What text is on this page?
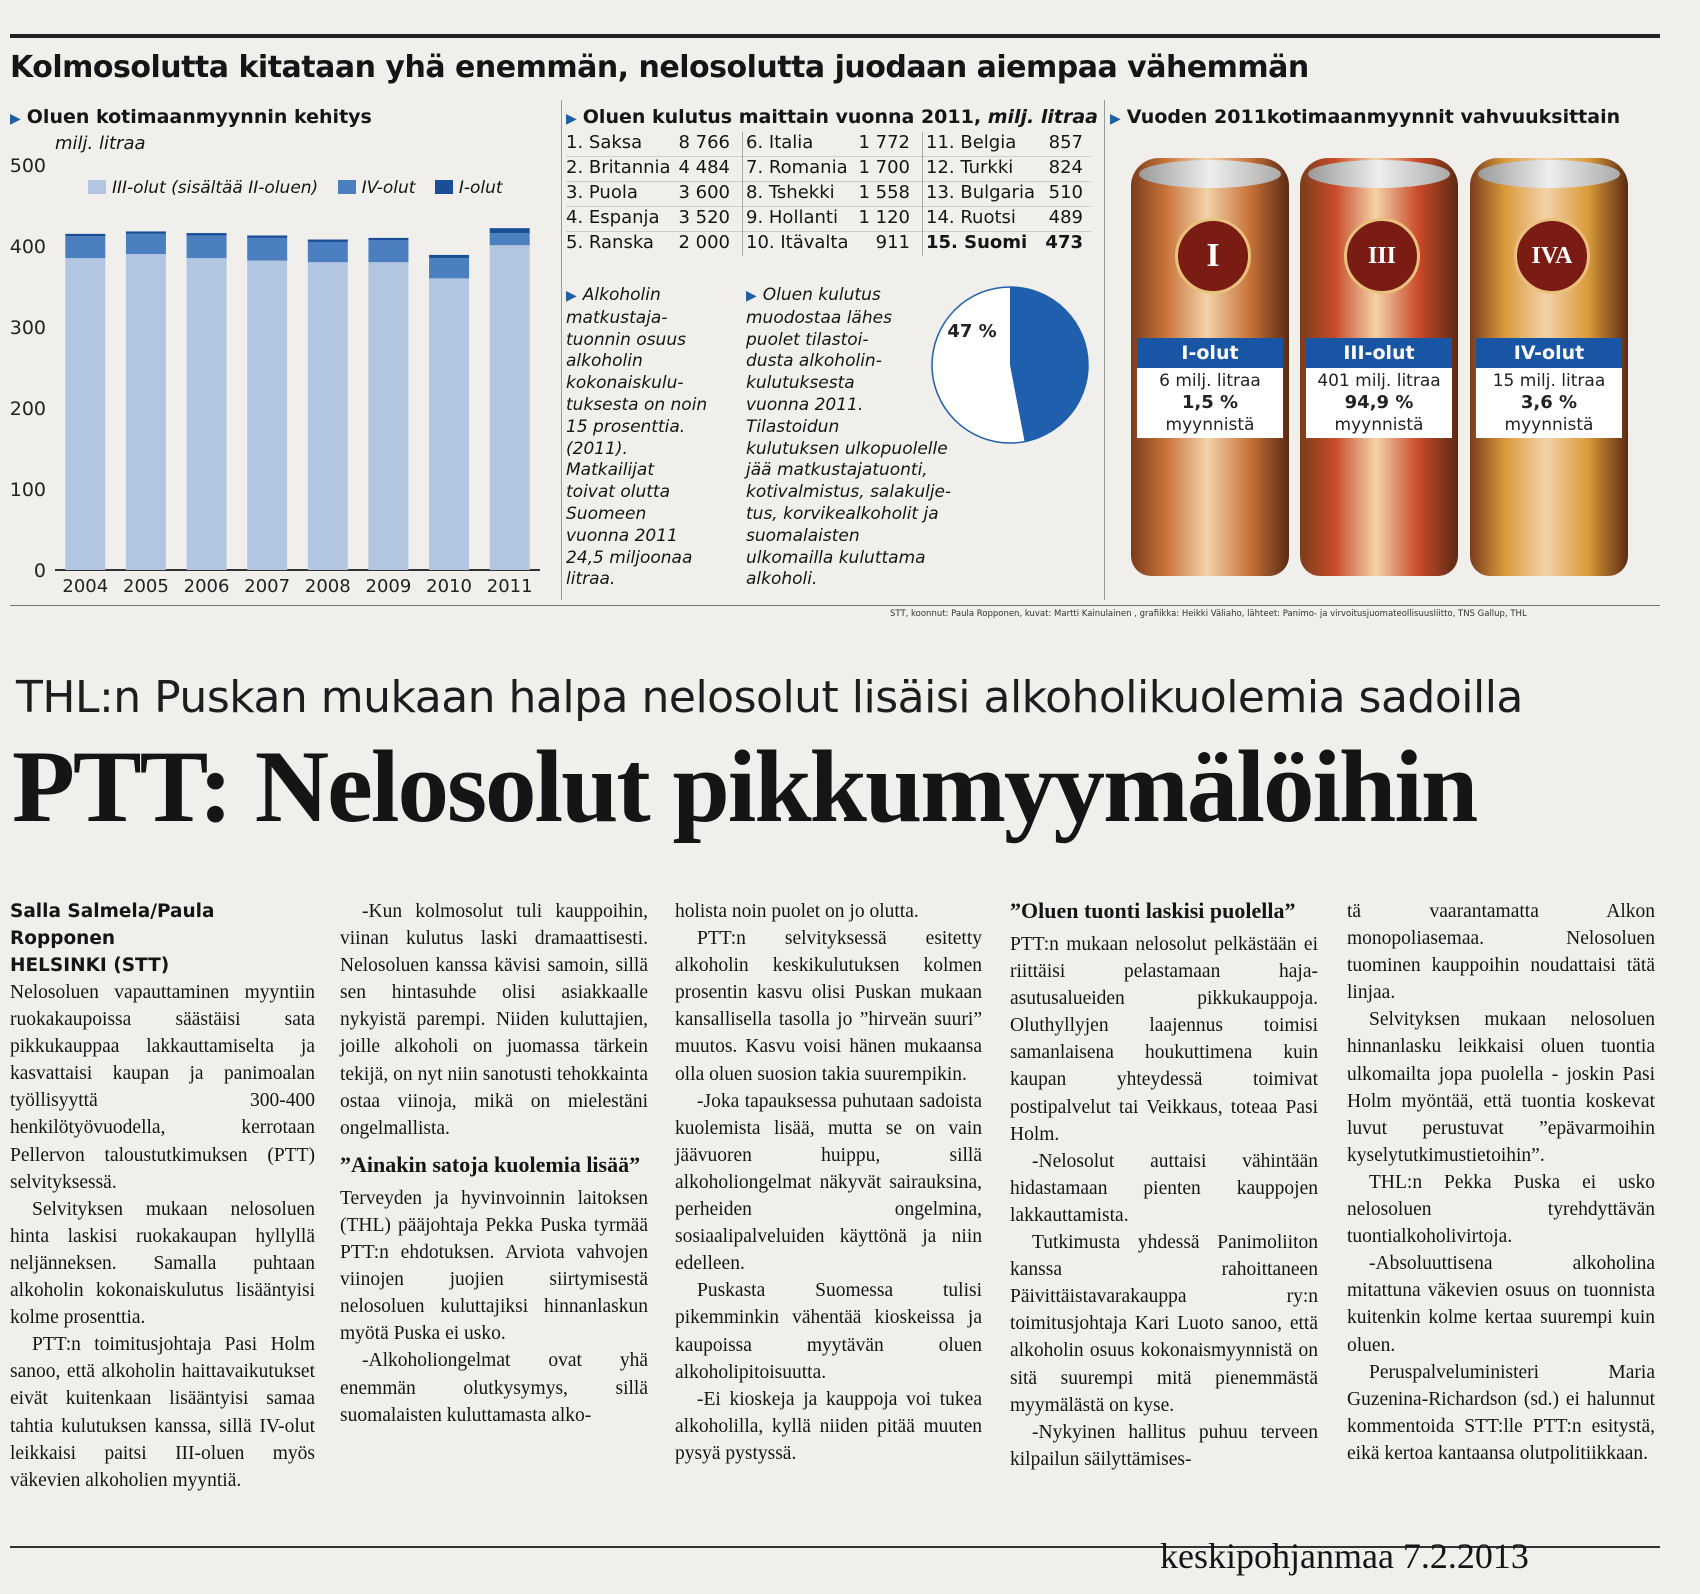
Kolmosolutta kitataan yhä enemmän, nelosolutta juodaan aiempaa vähemmän
▶ Oluen kotimaanmyynnin kehitys
milj. litraa
III-olut (sisältää II-oluen)	IV-olut	I-olut
0
100
200
300
400
500
2004 2005 2006 2007 2008 2009 2010 2011
▶ Oluen kulutus maittain vuonna 2011, milj. litraa
1. Saksa	8 766 6. Italia	1 772 11. Belgia	857
2. Britannia 4 484 7. Romania 1 700 12. Turkki	824
3. Puola	3 600 8. Tshekki	1 558 13. Bulgaria 510
4. Espanja	3 520 9. Hollanti	1 120 14. Ruotsi	489
5. Ranska	2 000 10. Itävalta	911 15. Suomi	473
▶ Alkoholin
matkustaja-
tuonnin osuus
alkoholin
kokonaiskulu-
tuksesta on noin
15 prosenttia.
(2011).
Matkailijat
toivat olutta
Suomeen
vuonna 2011
24,5 miljoonaa
litraa.
▶ Oluen kulutus
muodostaa lähes
puolet tilastoi-
dusta alkoholin-
kulutuksesta
vuonna 2011.
Tilastoidun
kulutuksen ulkopuolelle
jää matkustajatuonti,
kotivalmistus, salakulje-
tus, korvikealkoholit ja
suomalaisten
ulkomailla kuluttama
alkoholi.
47 %
▶ Vuoden 2011kotimaanmyynnit vahvuuksittain
I
I-olut
6 milj. litraa
1,5 %
myynnistä
III
III-olut
401 milj. litraa
94,9 %
myynnistä
IVA
IV-olut
15 milj. litraa
3,6 %
myynnistä
STT, koonnut: Paula Ropponen, kuvat: Martti Kainulainen , grafiikka: Heikki Väliaho, lähteet: Panimo- ja virvoitusjuomateollisuusliitto, TNS Gallup, THL
THL:n Puskan mukaan halpa nelosolut lisäisi alkoholikuolemia sadoilla
PTT: Nelosolut pikkumyymälöihin
Salla Salmela/Paula Ropponen
HELSINKI (STT)

Nelosoluen vapauttaminen myyntiin ruokakaupoissa säästäisi sata pikkukauppaa lakkauttamiselta ja kasvattaisi kaupan ja panimoalan työllisyyttä 300-400 henkilötyövuodella, kerrotaan Pellervon taloustutkimuksen (PTT) selvityksessä.

Selvityksen mukaan nelosoluen hinta laskisi ruokakaupan hyllyllä neljänneksen. Samalla puhtaan alkoholin kokonaiskulutus lisääntyisi kolme prosenttia.

PTT:n toimitusjohtaja Pasi Holm sanoo, että alkoholin haittavaikutukset eivät kuitenkaan lisääntyisi samaa tahtia kulutuksen kanssa, sillä IV-olut leikkaisi paitsi III-oluen myös väkevien alkoholien myyntiä.

-Kun kolmosolut tuli kauppoihin, viinan kulutus laski dramaattisesti. Nelosoluen kanssa kävisi samoin, sillä sen hintasuhde olisi asiakkaalle nykyistä parempi. Niiden kuluttajien, joille alkoholi on juomassa tärkein tekijä, on nyt niin sanotusti tehokkainta ostaa viinoja, mikä on mielestäni ongelmallista.

”Ainakin satoja kuolemia lisää”

Terveyden ja hyvinvoinnin laitoksen (THL) pääjohtaja Pekka Puska tyrmää PTT:n ehdotuksen. Arviota vahvojen viinojen juojien siirtymisestä nelosoluen kuluttajiksi hinnanlaskun myötä Puska ei usko.

-Alkoholiongelmat ovat yhä enemmän olutkysymys, sillä suomalaisten kuluttamasta alko-

holista noin puolet on jo olutta.

PTT:n selvityksessä esitetty alkoholin keskikulutuksen kolmen prosentin kasvu olisi Puskan mukaan kansallisella tasolla jo ”hirveän suuri” muutos. Kasvu voisi hänen mukaansa olla oluen suosion takia suurempikin.

-Joka tapauksessa puhutaan sadoista kuolemista lisää, mutta se on vain jäävuoren huippu, sillä alkoholiongelmat näkyvät sairauksina, perheiden ongelmina, sosiaalipalveluiden käyttönä ja niin edelleen.

Puskasta Suomessa tulisi pikemminkin vähentää kioskeissa ja kaupoissa myytävän oluen alkoholipitoisuutta.

-Ei kioskeja ja kauppoja voi tukea alkoholilla, kyllä niiden pitää muuten pysyä pystyssä.

”Oluen tuonti laskisi puolella”

PTT:n mukaan nelosolut pelkästään ei riittäisi pelastamaan haja-asutusalueiden pikkukauppoja. Oluthyllyjen laajennus toimisi samanlaisena houkuttimena kuin kaupan yhteydessä toimivat postipalvelut tai Veikkaus, toteaa Pasi Holm.

-Nelosolut auttaisi vähintään hidastamaan pienten kauppojen lakkauttamista.

Tutkimusta yhdessä Panimoliiton kanssa rahoittaneen Päivittäistavarakauppa ry:n toimitusjohtaja Kari Luoto sanoo, että alkoholin osuus kokonaismyynnistä on sitä suurempi mitä pienemmästä myymälästä on kyse.

-Nykyinen hallitus puhuu terveen kilpailun säilyttämises-

tä vaarantamatta Alkon monopoliasemaa. Nelosoluen tuominen kauppoihin noudattaisi tätä linjaa.

Selvityksen mukaan nelosoluen hinnanlasku leikkaisi oluen tuontia ulkomailta jopa puolella - joskin Pasi Holm myöntää, että tuontia koskevat luvut perustuvat ”epävarmoihin kyselytutkimustietoihin”.

THL:n Pekka Puska ei usko nelosoluen tyrehdyttävän tuontialkoholivirtoja.

-Absoluuttisena alkoholina mitattuna väkevien osuus on tuonnista kuitenkin kolme kertaa suurempi kuin oluen.

Peruspalveluministeri Maria Guzenina-Richardson (sd.) ei halunnut kommentoida STT:lle PTT:n esitystä, eikä kertoa kantaansa olutpolitiikkaan.

keskipohjanmaa 7.2.2013
